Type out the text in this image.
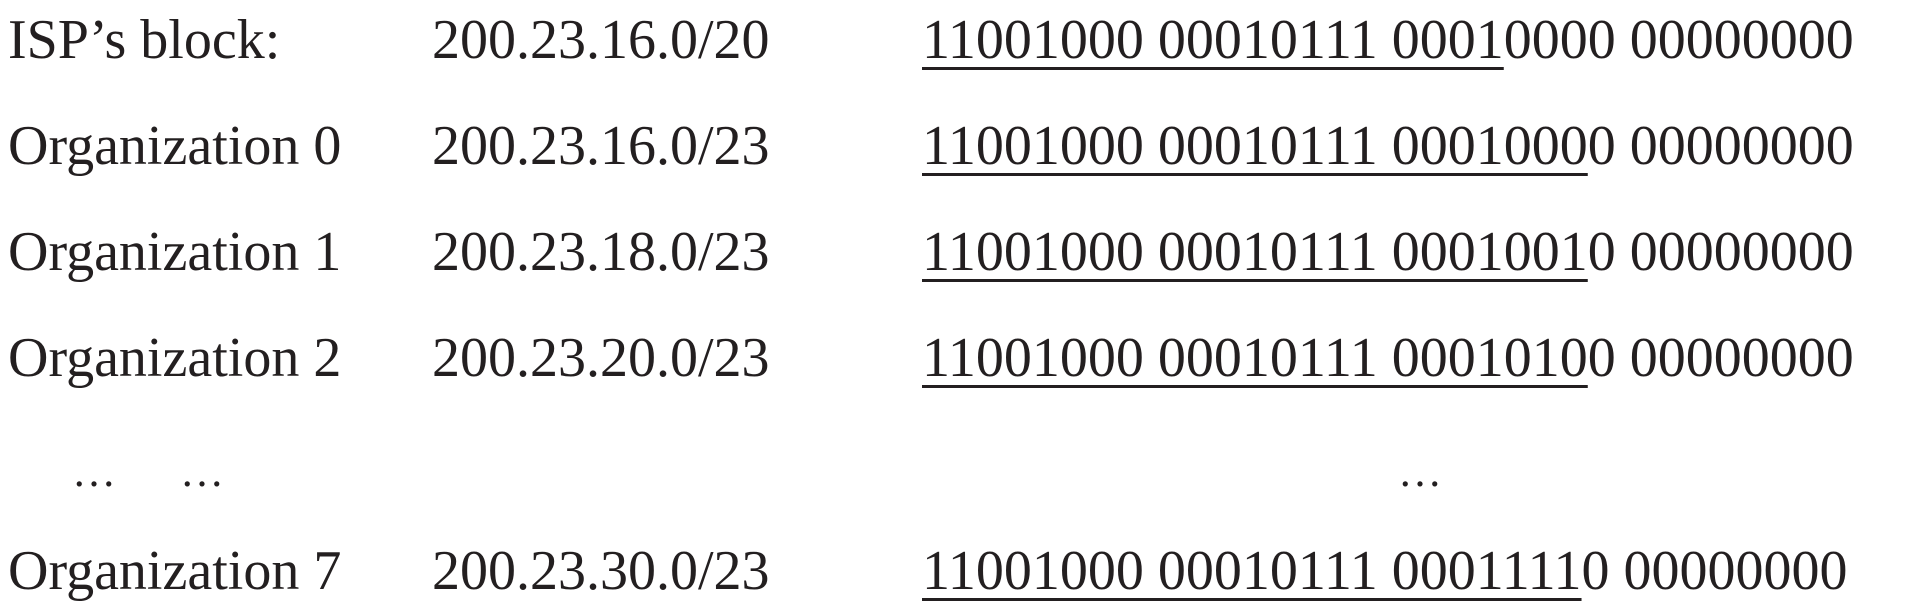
ISP’s block:	200.23.16.0/20	11001000 00010111 00010000 00000000
Organization 0 200.23.16.0/23	11001000 00010111 00010000 00000000
Organization 1 200.23.18.0/23	11001000 00010111 00010010 00000000
Organization 2 200.23.20.0/23	11001000 00010111 00010100 00000000
… …	…
Organization 7 200.23.30.0/23	11001000 00010111 00011110 00000000
